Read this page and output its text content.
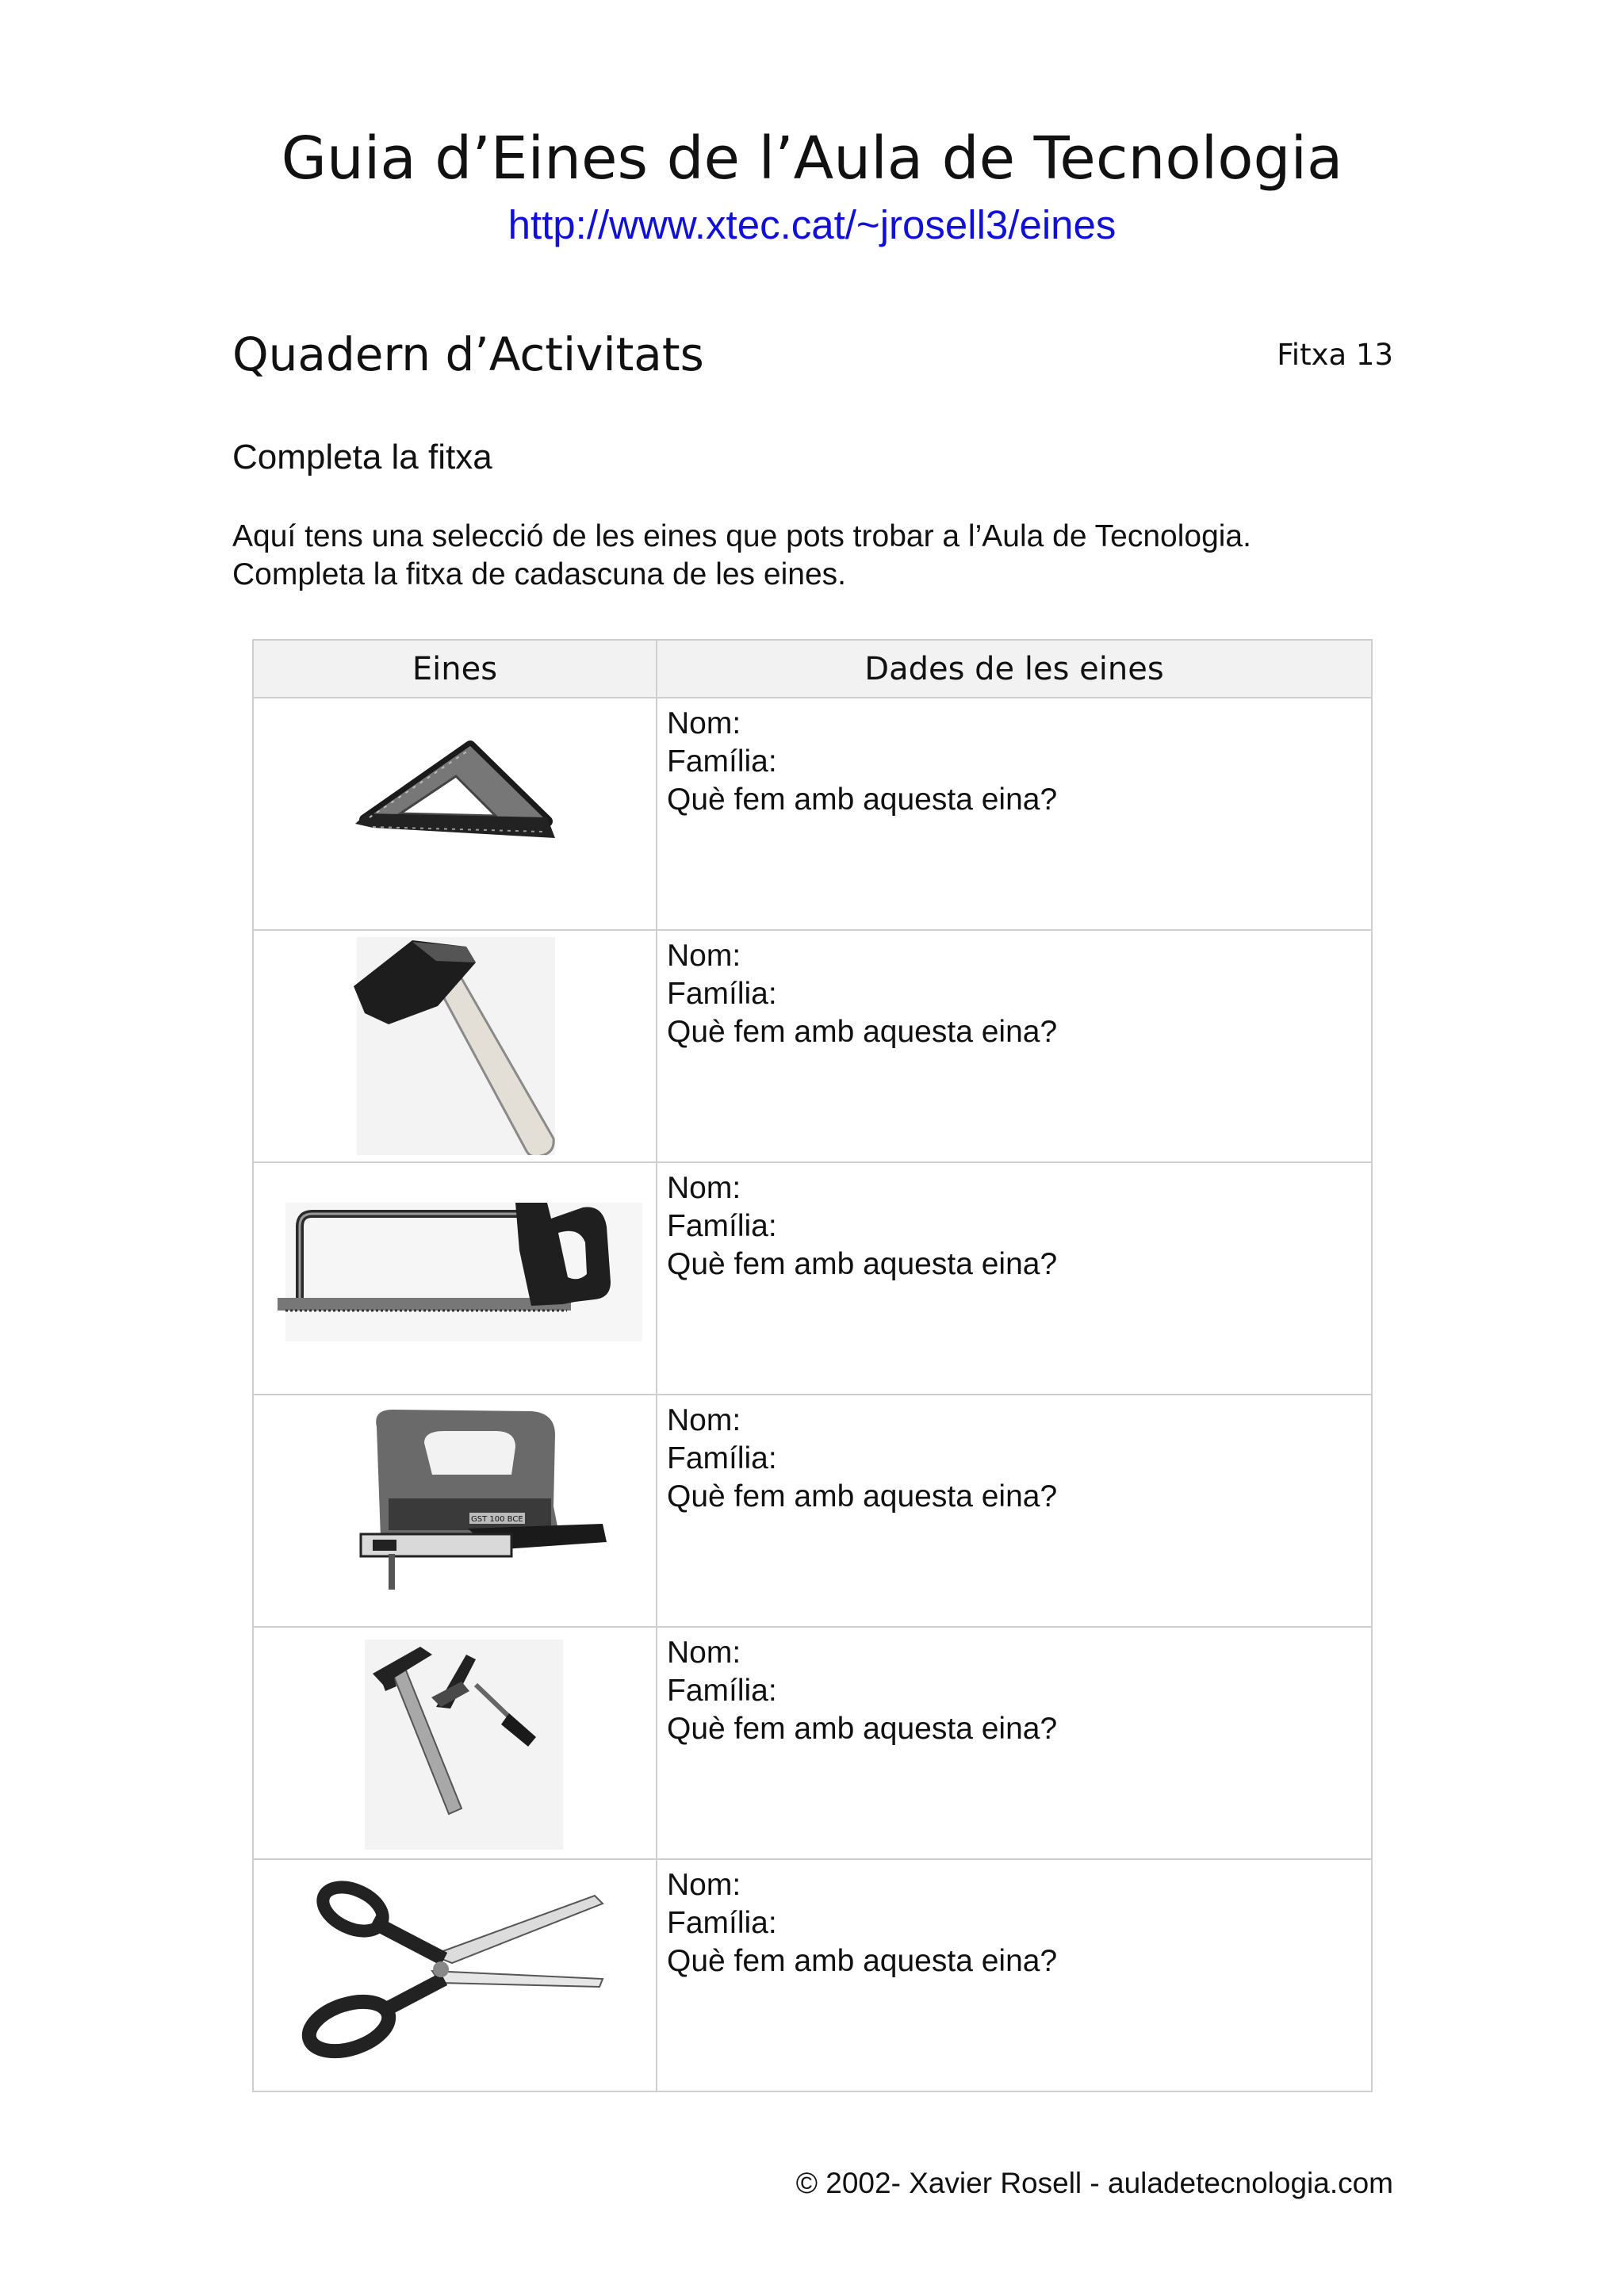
Guia d’Eines de l’Aula de Tecnologia
http://www.xtec.cat/~jrosell3/eines
Quadern d’Activitats	Fitxa 13
Completa la fitxa
Aquí tens una selecció de les eines que pots trobar a l’Aula de Tecnologia.
Completa la fitxa de cadascuna de les eines.
Eines	Dades de les eines

Nom:
Família:
Què fem amb aquesta eina?

Nom:
Família:
Què fem amb aquesta eina?

Nom:
Família:
Què fem amb aquesta eina?

GST 100 BCE	Nom:
Família:
Què fem amb aquesta eina?

Nom:
Família:
Què fem amb aquesta eina?

Nom:
Família:
Què fem amb aquesta eina?
© 2002- Xavier Rosell - auladetecnologia.com
